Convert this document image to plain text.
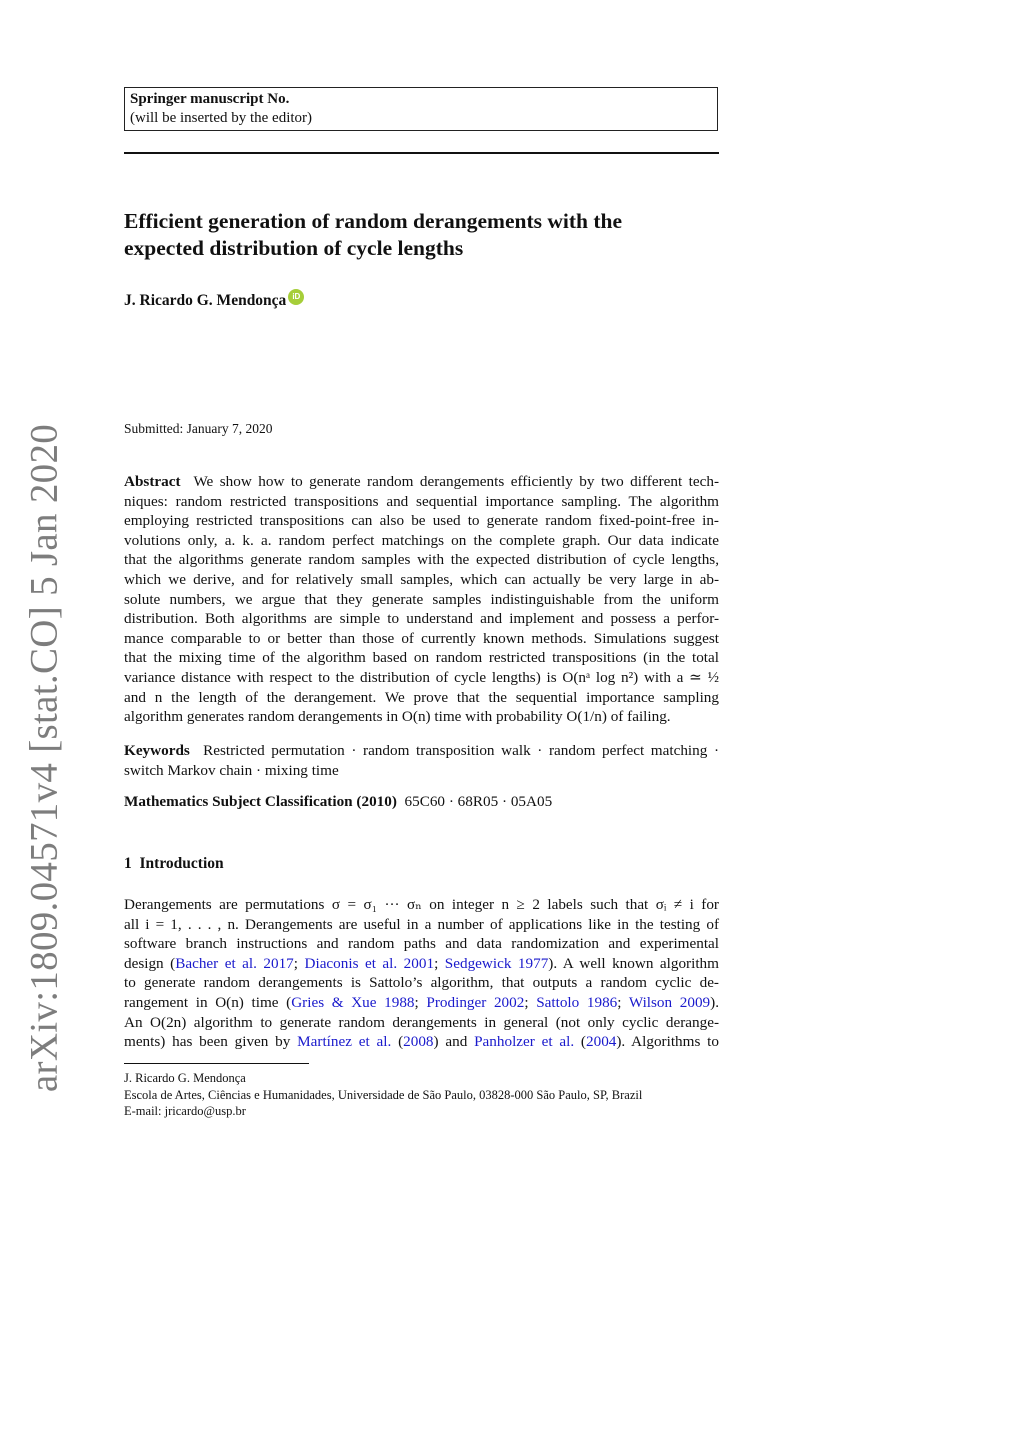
arXiv:1809.04571v4 [stat.CO] 5 Jan 2020
Springer manuscript No.
(will be inserted by the editor)
Efficient generation of random derangements with the
expected distribution of cycle lengths
J. Ricardo G. Mendonça iD
Submitted: January 7, 2020
Abstract We show how to generate random derangements efficiently by two different tech-
niques: random restricted transpositions and sequential importance sampling. The algorithm
employing restricted transpositions can also be used to generate random fixed-point-free in-
volutions only, a. k. a. random perfect matchings on the complete graph. Our data indicate
that the algorithms generate random samples with the expected distribution of cycle lengths,
which we derive, and for relatively small samples, which can actually be very large in ab-
solute numbers, we argue that they generate samples indistinguishable from the uniform
distribution. Both algorithms are simple to understand and implement and possess a perfor-
mance comparable to or better than those of currently known methods. Simulations suggest
that the mixing time of the algorithm based on random restricted transpositions (in the total
variance distance with respect to the distribution of cycle lengths) is O(nᵃ log n²) with a ≃ ½
and n the length of the derangement. We prove that the sequential importance sampling
algorithm generates random derangements in O(n) time with probability O(1/n) of failing.
Keywords Restricted permutation · random transposition walk · random perfect matching ·
switch Markov chain · mixing time
Mathematics Subject Classification (2010) 65C60 · 68R05 · 05A05
1 Introduction
Derangements are permutations σ = σ₁ ··· σₙ on integer n ≥ 2 labels such that σᵢ ≠ i for
all i = 1, . . . , n. Derangements are useful in a number of applications like in the testing of
software branch instructions and random paths and data randomization and experimental
design (Bacher et al. 2017; Diaconis et al. 2001; Sedgewick 1977). A well known algorithm
to generate random derangements is Sattolo’s algorithm, that outputs a random cyclic de-
rangement in O(n) time (Gries & Xue 1988; Prodinger 2002; Sattolo 1986; Wilson 2009).
An O(2n) algorithm to generate random derangements in general (not only cyclic derange-
ments) has been given by Martínez et al. (2008) and Panholzer et al. (2004). Algorithms to
J. Ricardo G. Mendonça
Escola de Artes, Ciências e Humanidades, Universidade de São Paulo, 03828-000 São Paulo, SP, Brazil
E-mail: jricardo@usp.br
